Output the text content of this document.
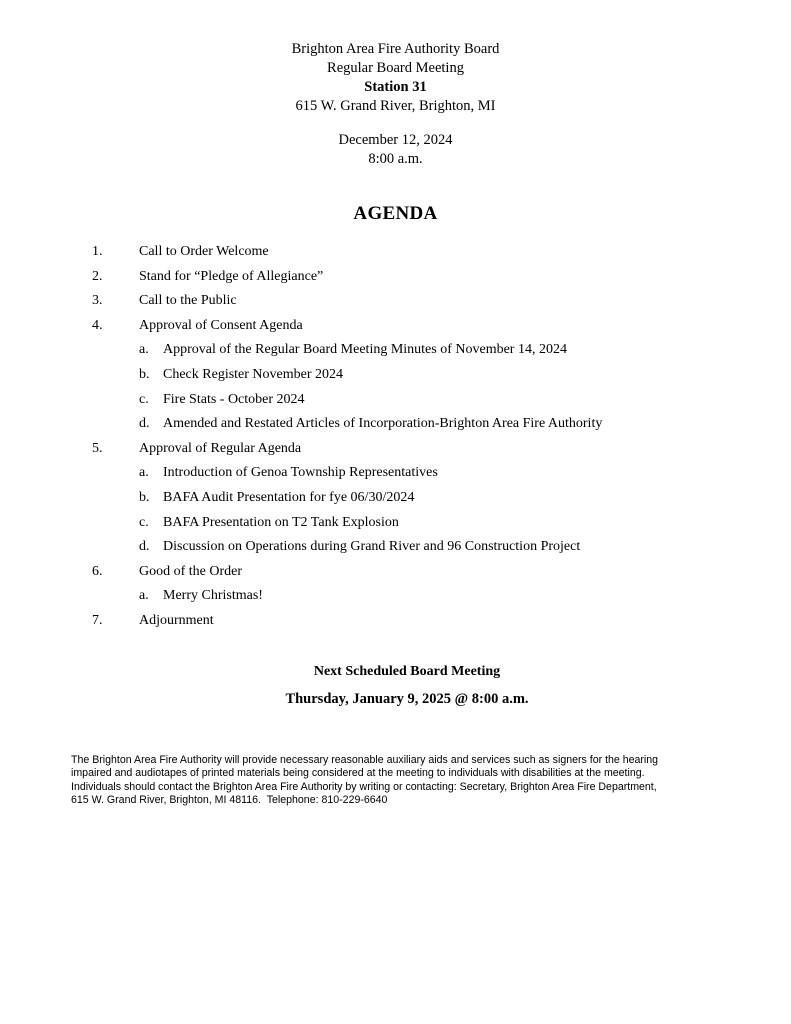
Brighton Area Fire Authority Board
Regular Board Meeting
Station 31
615 W. Grand River, Brighton, MI
December 12, 2024
8:00 a.m.
AGENDA
1.	Call to Order Welcome
2.	Stand for “Pledge of Allegiance”
3.	Call to the Public
4.	Approval of Consent Agenda
a. Approval of the Regular Board Meeting Minutes of November 14, 2024
b. Check Register November 2024
c. Fire Stats - October 2024
d. Amended and Restated Articles of Incorporation-Brighton Area Fire Authority
5.	Approval of Regular Agenda
a. Introduction of Genoa Township Representatives
b. BAFA Audit Presentation for fye 06/30/2024
c. BAFA Presentation on T2 Tank Explosion
d. Discussion on Operations during Grand River and 96 Construction Project
6.	Good of the Order
a. Merry Christmas!
7.	Adjournment
Next Scheduled Board Meeting
Thursday, January 9, 2025 @ 8:00 a.m.
The Brighton Area Fire Authority will provide necessary reasonable auxiliary aids and services such as signers for the hearing
impaired and audiotapes of printed materials being considered at the meeting to individuals with disabilities at the meeting.
Individuals should contact the Brighton Area Fire Authority by writing or contacting: Secretary, Brighton Area Fire Department,
615 W. Grand River, Brighton, MI 48116.  Telephone: 810-229-6640
